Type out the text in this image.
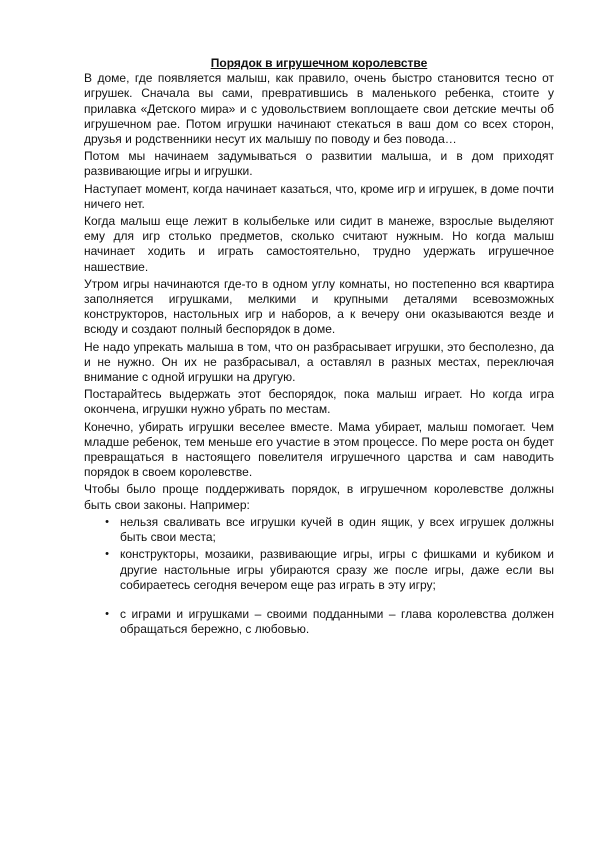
Порядок в игрушечном королевстве

В доме, где появляется малыш, как правило, очень быстро становится тесно от игрушек. Сначала вы сами, превратившись в маленького ребенка, стоите у прилавка «Детского мира» и с удовольствием воплощаете свои детские мечты об игрушечном рае. Потом игрушки начинают стекаться в ваш дом со всех сторон, друзья и родственники несут их малышу по поводу и без повода…

Потом мы начинаем задумываться о развитии малыша, и в дом приходят развивающие игры и игрушки.

Наступает момент, когда начинает казаться, что, кроме игр и игрушек, в доме почти ничего нет.

Когда малыш еще лежит в колыбельке или сидит в манеже, взрослые выделяют ему для игр столько предметов, сколько считают нужным. Но когда малыш начинает ходить и играть самостоятельно, трудно удержать игрушечное нашествие.

Утром игры начинаются где-то в одном углу комнаты, но постепенно вся квартира заполняется игрушками, мелкими и крупными деталями всевозможных конструкторов, настольных игр и наборов, а к вечеру они оказываются везде и всюду и создают полный беспорядок в доме.

Не надо упрекать малыша в том, что он разбрасывает игрушки, это бесполезно, да и не нужно. Он их не разбрасывал, а оставлял в разных местах, переключая внимание с одной игрушки на другую.

Постарайтесь выдержать этот беспорядок, пока малыш играет. Но когда игра окончена, игрушки нужно убрать по местам.

Конечно, убирать игрушки веселее вместе. Мама убирает, малыш помогает. Чем младше ребенок, тем меньше его участие в этом процессе. По мере роста он будет превращаться в настоящего повелителя игрушечного царства и сам наводить порядок в своем королевстве.

Чтобы было проще поддерживать порядок, в игрушечном королевстве должны быть свои законы. Например:

• нельзя сваливать все игрушки кучей в один ящик, у всех игрушек должны быть свои места;
• конструкторы, мозаики, развивающие игры, игры с фишками и кубиком и другие настольные игры убираются сразу же после игры, даже если вы собираетесь сегодня вечером еще раз играть в эту игру;
• с играми и игрушками – своими подданными – глава королевства должен обращаться бережно, с любовью.
